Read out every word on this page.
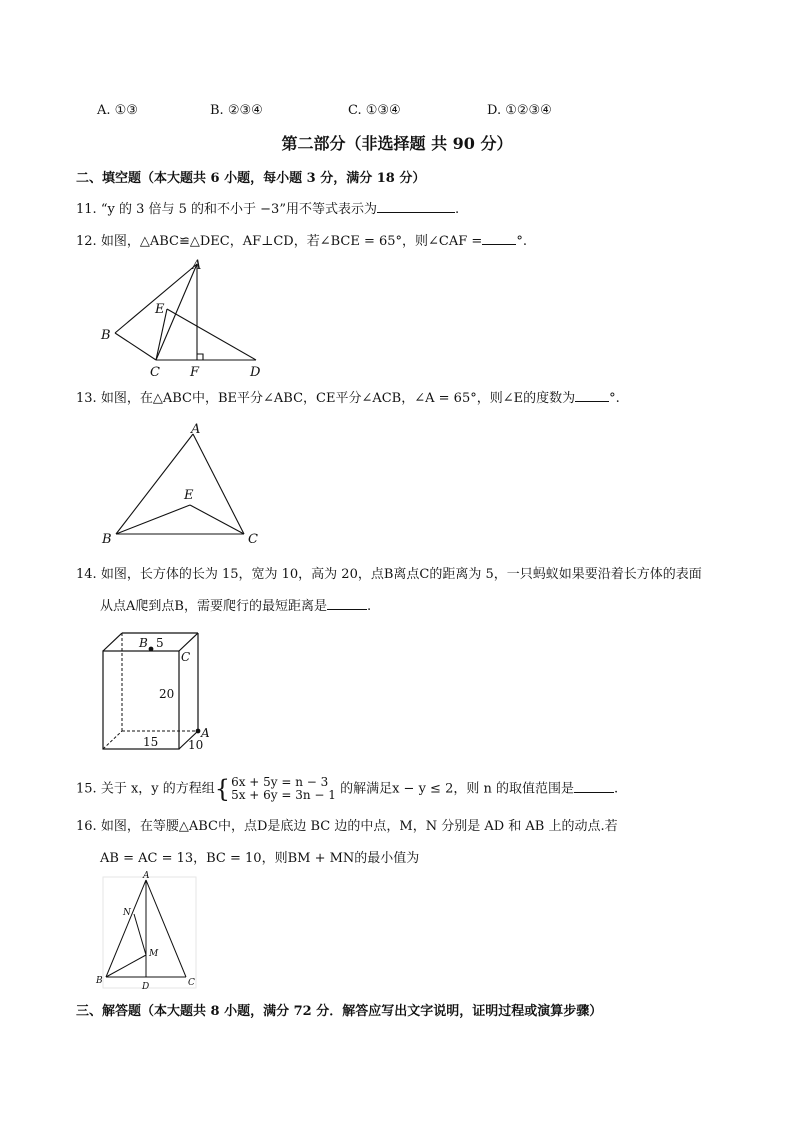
A. ①③	B. ②③④	C. ①③④	D. ①②③④
第二部分（非选择题 共 90 分）
二、填空题（本大题共 6 小题，每小题 3 分，满分 18 分）
11. “y 的 3 倍与 5 的和不小于 −3”用不等式表示为	.
12. 如图，△ABC≌△DEC，AF⊥CD，若∠BCE = 65°，则∠CAF =	°.
A
E
B
C F	D
13. 如图，在△ABC中，BE平分∠ABC，CE平分∠ACB，∠A = 65°，则∠E的度数为	°.
A
E
B	C
14. 如图，长方体的长为 15，宽为 10，高为 20，点B离点C的距离为 5，一只蚂蚁如果要沿着长方体的表面
从点A爬到点B，需要爬行的最短距离是	.
B 5
C
20
A
15 10
15. 关于 x，y 的方程组{ 6x + 5y = n − 3
5x + 6y = 3n − 1 的解满足x − y ≤ 2，则 n 的取值范围是	.
16. 如图，在等腰△ABC中，点D是底边 BC 边的中点，M，N 分别是 AD 和 AB 上的动点.若
AB = AC = 13，BC = 10，则BM + MN的最小值为
A
N
M
B
D	C
三、解答题（本大题共 8 小题，满分 72 分．解答应写出文字说明，证明过程或演算步骤）
